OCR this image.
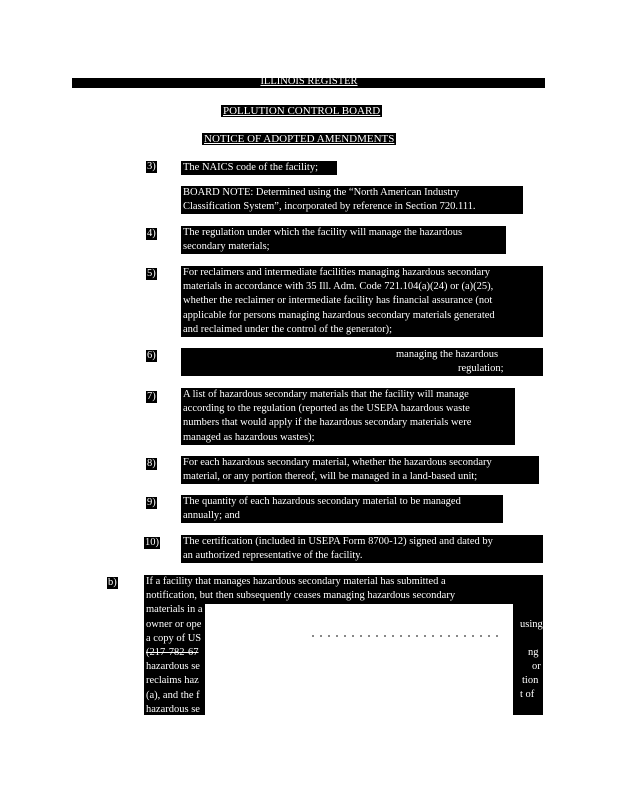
ILLINOIS REGISTER
POLLUTION CONTROL BOARD
NOTICE OF ADOPTED AMENDMENTS
3)	The NAICS code of the facility;
BOARD NOTE: Determined using the “North American Industry
Classification System”, incorporated by reference in Section 720.111.
4)	The regulation under which the facility will manage the hazardous
secondary materials;
5)	For reclaimers and intermediate facilities managing hazardous secondary
materials in accordance with 35 Ill. Adm. Code 721.104(a)(24) or (a)(25),
whether the reclaimer or intermediate facility has financial assurance (not
applicable for persons managing hazardous secondary materials generated
and reclaimed under the control of the generator);
6)	managing the hazardous
regulation;
7)	A list of hazardous secondary materials that the facility will manage
according to the regulation (reported as the USEPA hazardous waste
numbers that would apply if the hazardous secondary materials were
managed as hazardous wastes);
8)	For each hazardous secondary material, whether the hazardous secondary
material, or any portion thereof, will be managed in a land-based unit;
9)	The quantity of each hazardous secondary material to be managed
annually; and
10) The certification (included in USEPA Form 8700-12) signed and dated by
an authorized representative of the facility.
b)	If a facility that manages hazardous secondary material has submitted a
notification, but then subsequently ceases managing hazardous secondary
materials in a
owner or ope
a copy of US
(217-782-67
hazardous se
reclaims haz
(a), and the f
hazardous se
using
ng
or
tion
t of
